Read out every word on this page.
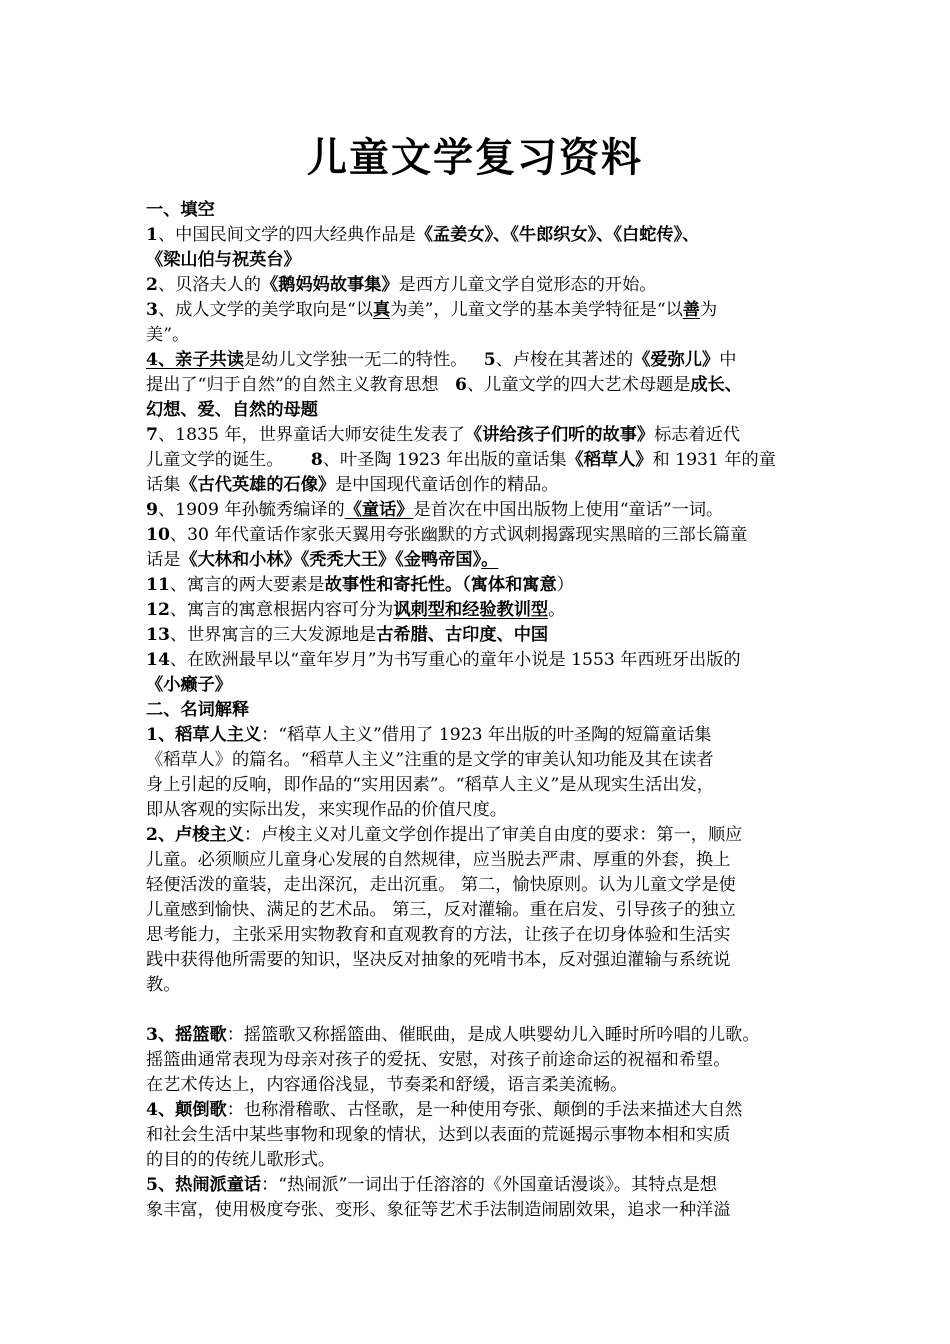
儿童文学复习资料
一、填空
1、中国民间文学的四大经典作品是《孟姜女》、《牛郎织女》、《白蛇传》、
《梁山伯与祝英台》
2、贝洛夫人的《鹅妈妈故事集》是西方儿童文学自觉形态的开始。
3、成人文学的美学取向是“以真为美”，儿童文学的基本美学特征是“以善为
美”。
4、亲子共读是幼儿文学独一无二的特性。 5、卢梭在其著述的《爱弥儿》中
提出了“归于自然”的自然主义教育思想 6、儿童文学的四大艺术母题是成长、
幻想、爱、自然的母题
7、1835 年，世界童话大师安徒生发表了《讲给孩子们听的故事》标志着近代
儿童文学的诞生。 8、叶圣陶 1923 年出版的童话集《稻草人》和 1931 年的童
话集《古代英雄的石像》是中国现代童话创作的精品。
9、1909 年孙毓秀编译的《童话》是首次在中国出版物上使用“童话”一词。
10、30 年代童话作家张天翼用夸张幽默的方式讽刺揭露现实黑暗的三部长篇童
话是《大林和小林》《秃秃大王》《金鸭帝国》。
11、寓言的两大要素是故事性和寄托性。（寓体和寓意）
12、寓言的寓意根据内容可分为讽刺型和经验教训型。
13、世界寓言的三大发源地是古希腊、古印度、中国
14、在欧洲最早以“童年岁月”为书写重心的童年小说是 1553 年西班牙出版的
《小癞子》
二、名词解释
1、稻草人主义：“稻草人主义”借用了 1923 年出版的叶圣陶的短篇童话集
《稻草人》的篇名。“稻草人主义”注重的是文学的审美认知功能及其在读者
身上引起的反响，即作品的“实用因素”。“稻草人主义”是从现实生活出发，
即从客观的实际出发，来实现作品的价值尺度。
2、卢梭主义：卢梭主义对儿童文学创作提出了审美自由度的要求：第一，顺应
儿童。必须顺应儿童身心发展的自然规律，应当脱去严肃、厚重的外套，换上
轻便活泼的童装，走出深沉，走出沉重。 第二，愉快原则。认为儿童文学是使
儿童感到愉快、满足的艺术品。 第三，反对灌输。重在启发、引导孩子的独立
思考能力，主张采用实物教育和直观教育的方法，让孩子在切身体验和生活实
践中获得他所需要的知识，坚决反对抽象的死啃书本，反对强迫灌输与系统说
教。
3、摇篮歌：摇篮歌又称摇篮曲、催眠曲，是成人哄婴幼儿入睡时所吟唱的儿歌。
摇篮曲通常表现为母亲对孩子的爱抚、安慰，对孩子前途命运的祝福和希望。
在艺术传达上，内容通俗浅显，节奏柔和舒缓，语言柔美流畅。
4、颠倒歌：也称滑稽歌、古怪歌，是一种使用夸张、颠倒的手法来描述大自然
和社会生活中某些事物和现象的情状，达到以表面的荒诞揭示事物本相和实质
的目的的传统儿歌形式。
5、热闹派童话：“热闹派”一词出于任溶溶的《外国童话漫谈》。其特点是想
象丰富，使用极度夸张、变形、象征等艺术手法制造闹剧效果，追求一种洋溢
